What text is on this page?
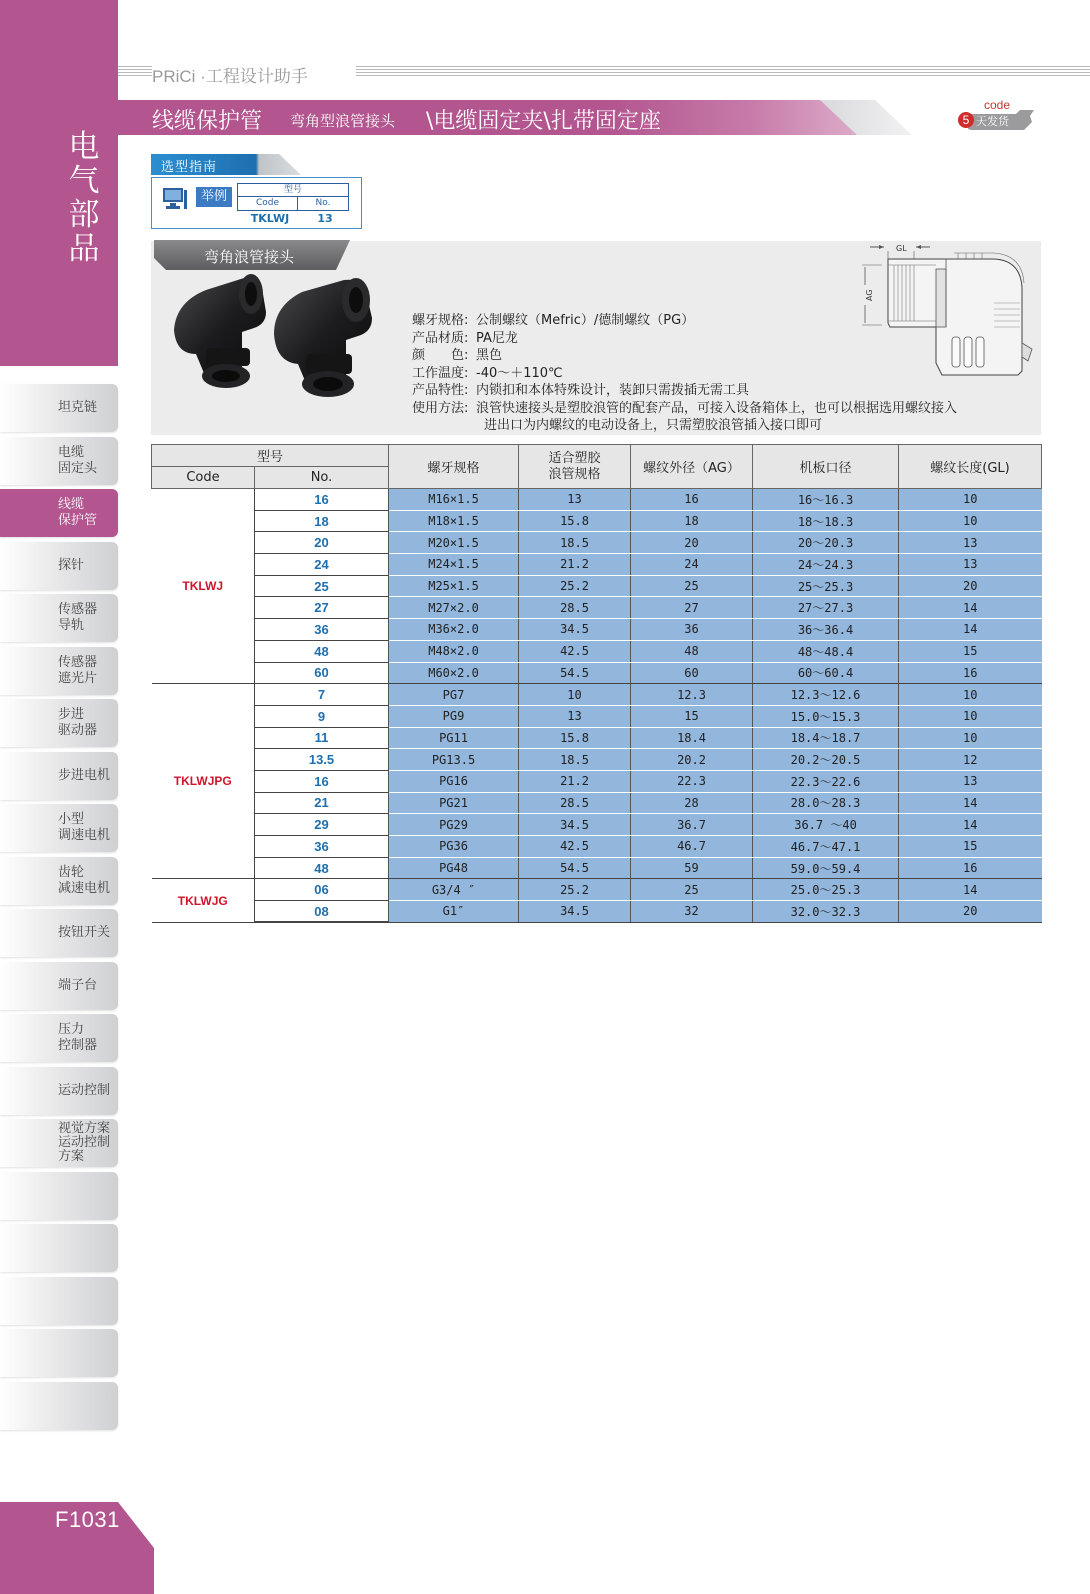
电
气
部
品
坦克链
电缆
固定头
线缆
保护管
探针
传感器
导轨
传感器
遮光片
步进
驱动器
步进电机
小型
调速电机
齿轮
减速电机
按钮开关
端子台
压力
控制器
运动控制
视觉方案
运动控制
方案
F1031
PRiCi ·工程设计助手
线缆保护管 弯角型浪管接头 \电缆固定夹\扎带固定座
code
5 天发货
选型指南
举例	型号
Code	No.
TKLWJ	13
弯角浪管接头
螺牙规格: 公制螺纹（Mefric）/德制螺纹（PG）
产品材质: PA尼龙
颜　　色: 黑色
工作温度: -40～＋110℃
产品特性: 内锁扣和本体特殊设计，装卸只需拨插无需工具
使用方法: 浪管快速接头是塑胶浪管的配套产品，可接入设备箱体上，也可以根据选用螺纹接入
进出口为内螺纹的电动设备上，只需塑胶浪管插入接口即可
GL
AG
型号		螺牙规格	适合塑胶
浪管规格	螺纹外径（AG）	机板口径	螺纹长度(GL)
Code	No.					
TKLWJ	16	M16×1.5	13	16	16～16.3	10
	18	M18×1.5	15.8	18	18～18.3	10
	20	M20×1.5	18.5	20	20～20.3	13
	24	M24×1.5	21.2	24	24～24.3	13
	25	M25×1.5	25.2	25	25～25.3	20
	27	M27×2.0	28.5	27	27～27.3	14
	36	M36×2.0	34.5	36	36～36.4	14
	48	M48×2.0	42.5	48	48～48.4	15
	60	M60×2.0	54.5	60	60～60.4	16
TKLWJPG	7	PG7	10	12.3	12.3～12.6	10
	9	PG9	13	15	15.0～15.3	10
	11	PG11	15.8	18.4	18.4～18.7	10
	13.5	PG13.5	18.5	20.2	20.2～20.5	12
	16	PG16	21.2	22.3	22.3～22.6	13
	21	PG21	28.5	28	28.0～28.3	14
	29	PG29	34.5	36.7	36.7 ～40	14
	36	PG36	42.5	46.7	46.7～47.1	15
	48	PG48	54.5	59	59.0～59.4	16
TKLWJG	06	G3/4 ″	25.2	25	25.0～25.3	14
	08	G1″	34.5	32	32.0～32.3	20
